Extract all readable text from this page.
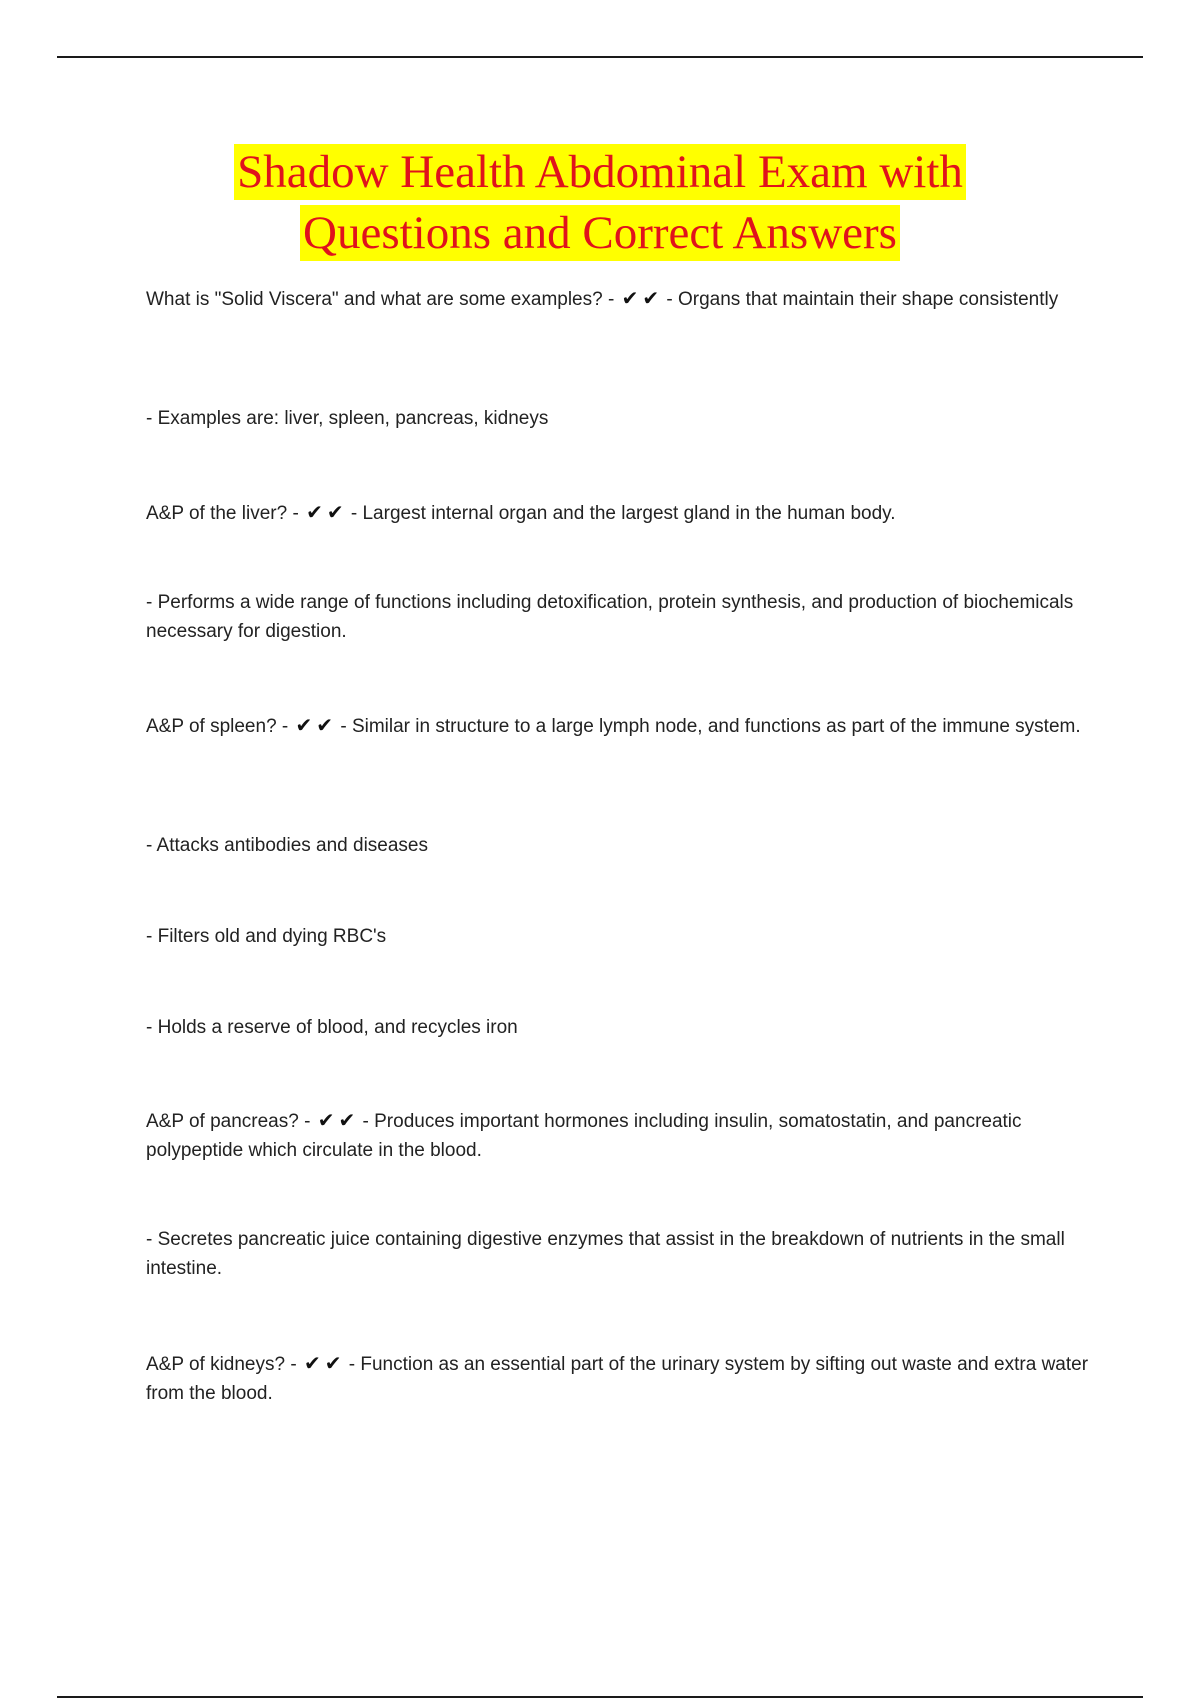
Shadow Health Abdominal Exam with
Questions and Correct Answers

What is "Solid Viscera" and what are some examples? - ✔ ✔ - Organs that maintain their shape consistently

- Examples are: liver, spleen, pancreas, kidneys

A&P of the liver? - ✔ ✔ - Largest internal organ and the largest gland in the human body.

- Performs a wide range of functions including detoxification, protein synthesis, and production of biochemicals necessary for digestion.

A&P of spleen? - ✔ ✔ - Similar in structure to a large lymph node, and functions as part of the immune system.

- Attacks antibodies and diseases

- Filters old and dying RBC's

- Holds a reserve of blood, and recycles iron

A&P of pancreas? - ✔ ✔ - Produces important hormones including insulin, somatostatin, and pancreatic polypeptide which circulate in the blood.

- Secretes pancreatic juice containing digestive enzymes that assist in the breakdown of nutrients in the small intestine.

A&P of kidneys? - ✔ ✔ - Function as an essential part of the urinary system by sifting out waste and extra water from the blood.
